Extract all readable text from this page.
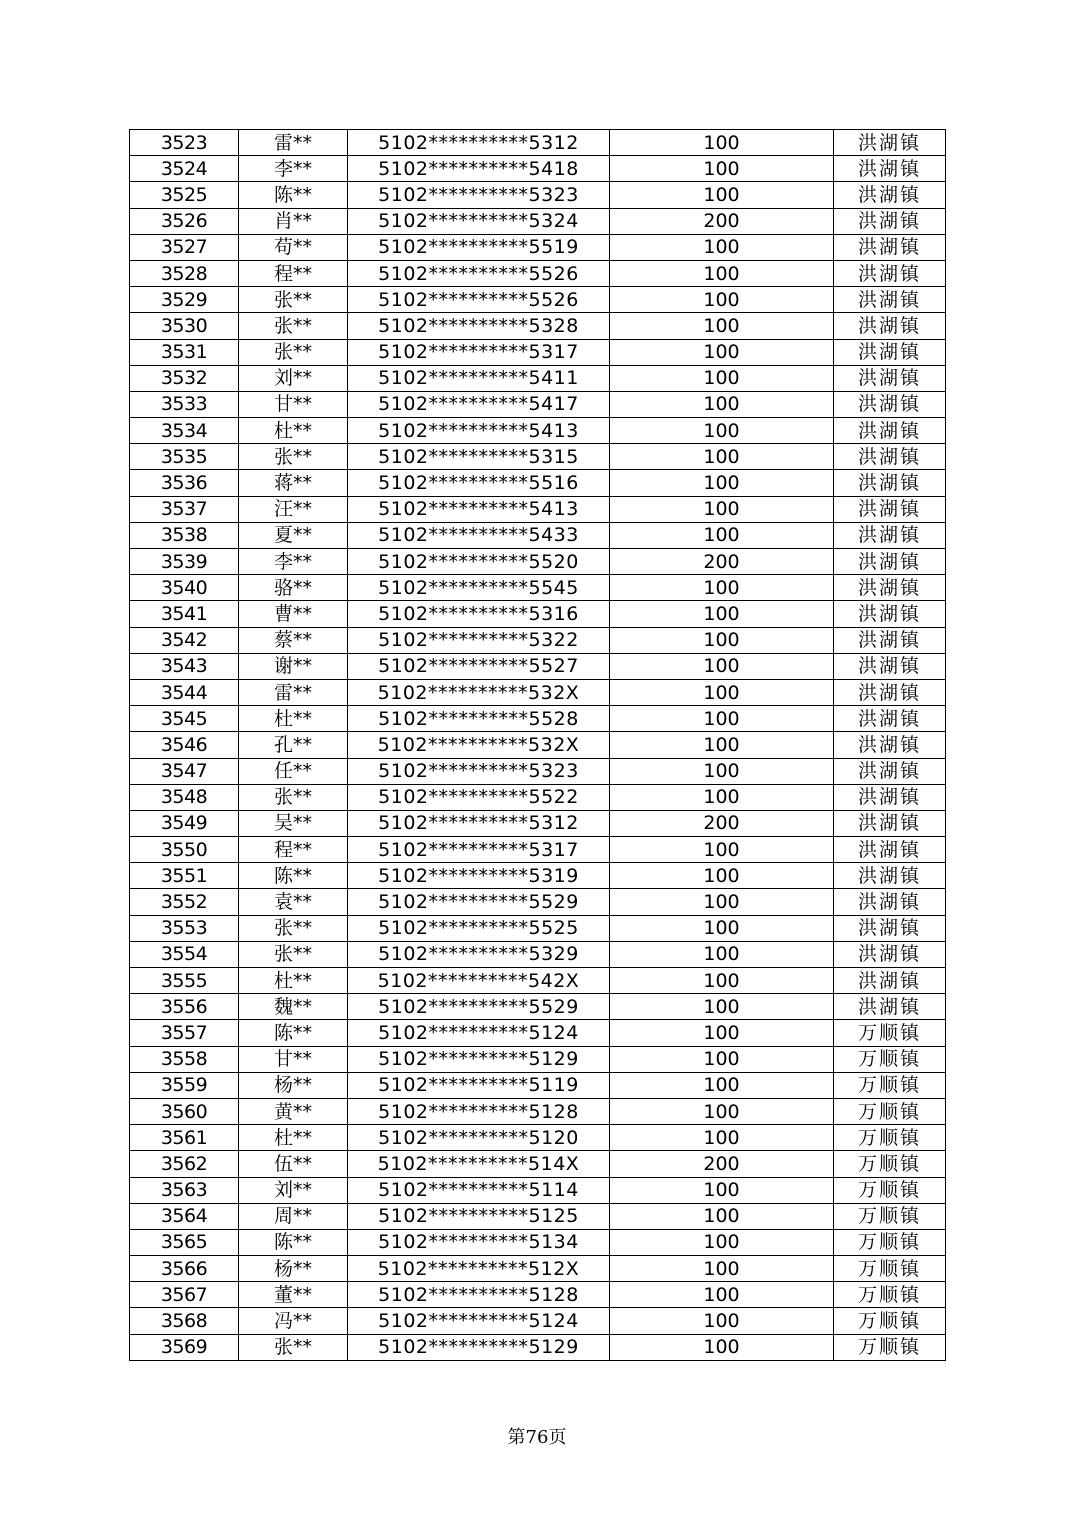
3523	雷**	5102**********5312	100	洪湖镇
3524	李**	5102**********5418	100	洪湖镇
3525	陈**	5102**********5323	100	洪湖镇
3526	肖**	5102**********5324	200	洪湖镇
3527	苟**	5102**********5519	100	洪湖镇
3528	程**	5102**********5526	100	洪湖镇
3529	张**	5102**********5526	100	洪湖镇
3530	张**	5102**********5328	100	洪湖镇
3531	张**	5102**********5317	100	洪湖镇
3532	刘**	5102**********5411	100	洪湖镇
3533	甘**	5102**********5417	100	洪湖镇
3534	杜**	5102**********5413	100	洪湖镇
3535	张**	5102**********5315	100	洪湖镇
3536	蒋**	5102**********5516	100	洪湖镇
3537	汪**	5102**********5413	100	洪湖镇
3538	夏**	5102**********5433	100	洪湖镇
3539	李**	5102**********5520	200	洪湖镇
3540	骆**	5102**********5545	100	洪湖镇
3541	曹**	5102**********5316	100	洪湖镇
3542	蔡**	5102**********5322	100	洪湖镇
3543	谢**	5102**********5527	100	洪湖镇
3544	雷**	5102**********532X	100	洪湖镇
3545	杜**	5102**********5528	100	洪湖镇
3546	孔**	5102**********532X	100	洪湖镇
3547	任**	5102**********5323	100	洪湖镇
3548	张**	5102**********5522	100	洪湖镇
3549	吴**	5102**********5312	200	洪湖镇
3550	程**	5102**********5317	100	洪湖镇
3551	陈**	5102**********5319	100	洪湖镇
3552	袁**	5102**********5529	100	洪湖镇
3553	张**	5102**********5525	100	洪湖镇
3554	张**	5102**********5329	100	洪湖镇
3555	杜**	5102**********542X	100	洪湖镇
3556	魏**	5102**********5529	100	洪湖镇
3557	陈**	5102**********5124	100	万顺镇
3558	甘**	5102**********5129	100	万顺镇
3559	杨**	5102**********5119	100	万顺镇
3560	黄**	5102**********5128	100	万顺镇
3561	杜**	5102**********5120	100	万顺镇
3562	伍**	5102**********514X	200	万顺镇
3563	刘**	5102**********5114	100	万顺镇
3564	周**	5102**********5125	100	万顺镇
3565	陈**	5102**********5134	100	万顺镇
3566	杨**	5102**********512X	100	万顺镇
3567	董**	5102**********5128	100	万顺镇
3568	冯**	5102**********5124	100	万顺镇
3569	张**	5102**********5129	100	万顺镇
第76页
